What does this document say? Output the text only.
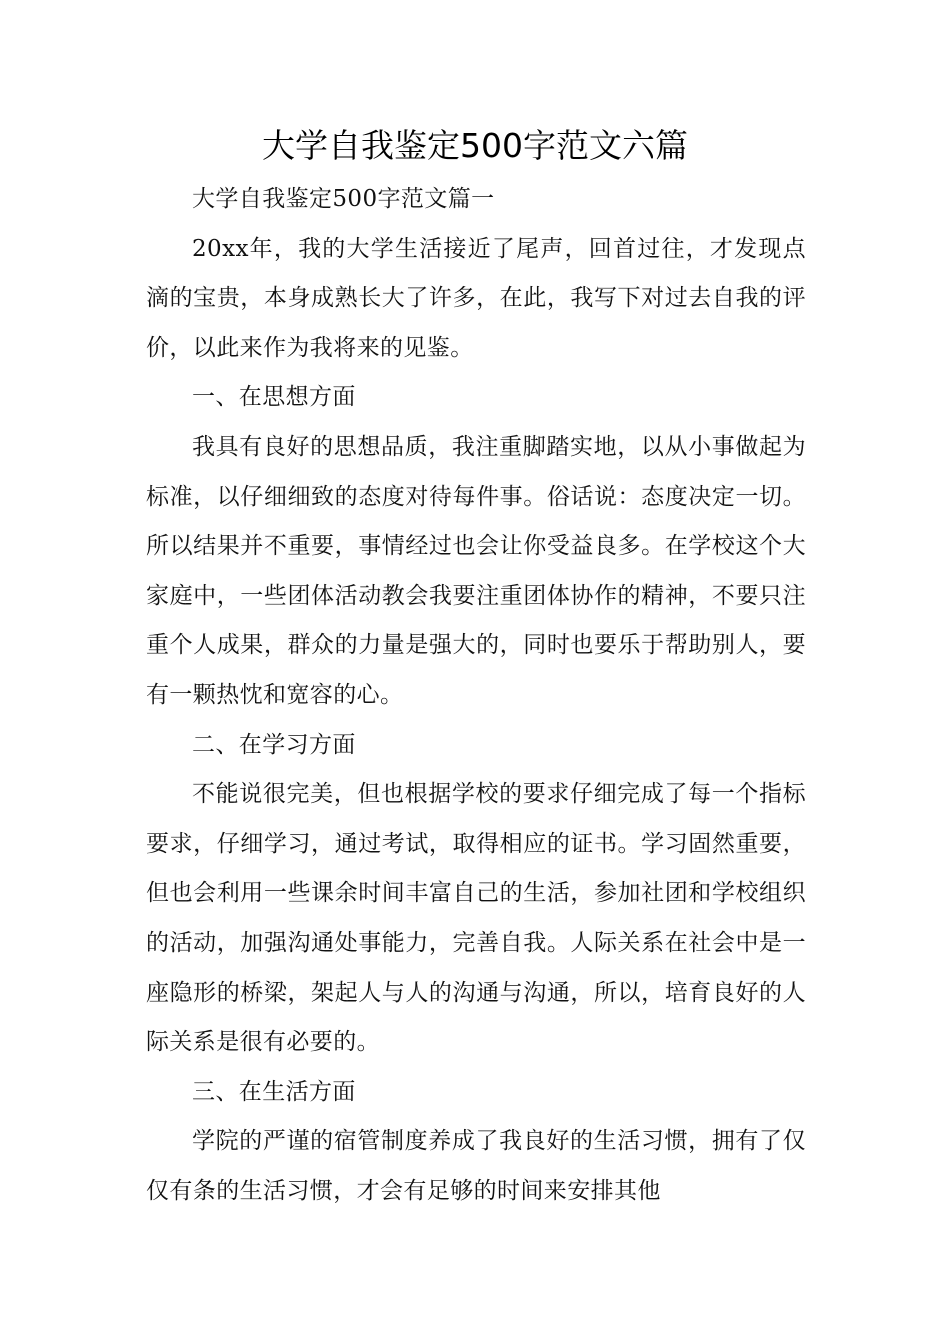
大学自我鉴定500字范文六篇

大学自我鉴定500字范文篇一

20xx年，我的大学生活接近了尾声，回首过往，才发现点滴的宝贵，本身成熟长大了许多，在此，我写下对过去自我的评价，以此来作为我将来的见鉴。

一、在思想方面

我具有良好的思想品质，我注重脚踏实地，以从小事做起为标准，以仔细细致的态度对待每件事。俗话说：态度决定一切。所以结果并不重要，事情经过也会让你受益良多。在学校这个大家庭中，一些团体活动教会我要注重团体协作的精神，不要只注重个人成果，群众的力量是强大的，同时也要乐于帮助别人，要有一颗热忱和宽容的心。

二、在学习方面

不能说很完美，但也根据学校的要求仔细完成了每一个指标要求，仔细学习，通过考试，取得相应的证书。学习固然重要，但也会利用一些课余时间丰富自己的生活，参加社团和学校组织的活动，加强沟通处事能力，完善自我。人际关系在社会中是一座隐形的桥梁，架起人与人的沟通与沟通，所以，培育良好的人际关系是很有必要的。

三、在生活方面

学院的严谨的宿管制度养成了我良好的生活习惯，拥有了仅仅有条的生活习惯，才会有足够的时间来安排其他
